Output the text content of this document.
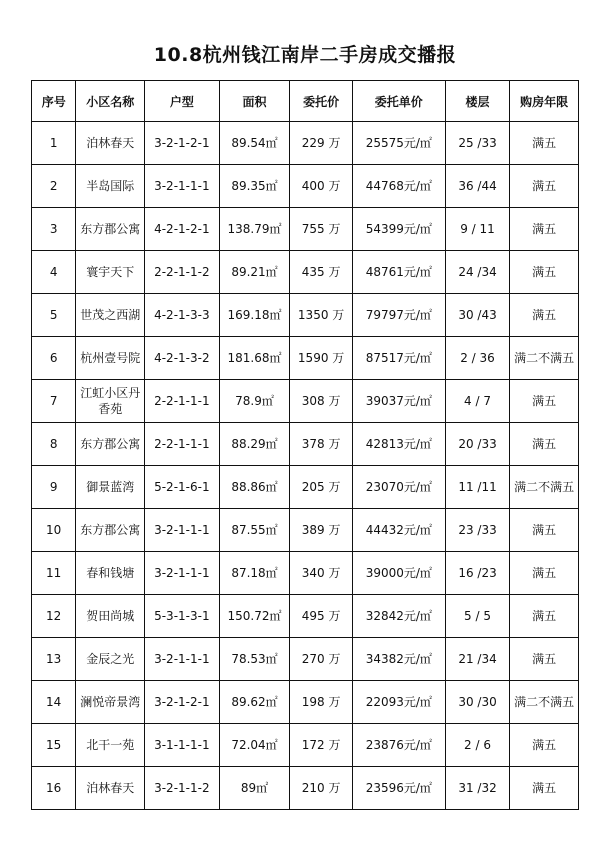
10.8杭州钱江南岸二手房成交播报
序号	小区名称	户型	面积	委托价	委托单价	楼层	购房年限
1	泊林春天	3-2-1-2-1	89.54㎡	229 万	25575元/㎡	25 /33	满五
2	半岛国际	3-2-1-1-1	89.35㎡	400 万	44768元/㎡	36 /44	满五
3	东方郡公寓	4-2-1-2-1	138.79㎡	755 万	54399元/㎡	9 / 11	满五
4	寰宇天下	2-2-1-1-2	89.21㎡	435 万	48761元/㎡	24 /34	满五
5	世茂之西湖	4-2-1-3-3	169.18㎡	1350 万	79797元/㎡	30 /43	满五
6	杭州壹号院	4-2-1-3-2	181.68㎡	1590 万	87517元/㎡	2 / 36	满二不满五
7	江虹小区丹香苑	2-2-1-1-1	78.9㎡	308 万	39037元/㎡	4 / 7	满五
8	东方郡公寓	2-2-1-1-1	88.29㎡	378 万	42813元/㎡	20 /33	满五
9	御景蓝湾	5-2-1-6-1	88.86㎡	205 万	23070元/㎡	11 /11	满二不满五
10	东方郡公寓	3-2-1-1-1	87.55㎡	389 万	44432元/㎡	23 /33	满五
11	春和钱塘	3-2-1-1-1	87.18㎡	340 万	39000元/㎡	16 /23	满五
12	贺田尚城	5-3-1-3-1	150.72㎡	495 万	32842元/㎡	5 / 5	满五
13	金辰之光	3-2-1-1-1	78.53㎡	270 万	34382元/㎡	21 /34	满五
14	澜悦帝景湾	3-2-1-2-1	89.62㎡	198 万	22093元/㎡	30 /30	满二不满五
15	北干一苑	3-1-1-1-1	72.04㎡	172 万	23876元/㎡	2 / 6	满五
16	泊林春天	3-2-1-1-2	89㎡	210 万	23596元/㎡	31 /32	满五
